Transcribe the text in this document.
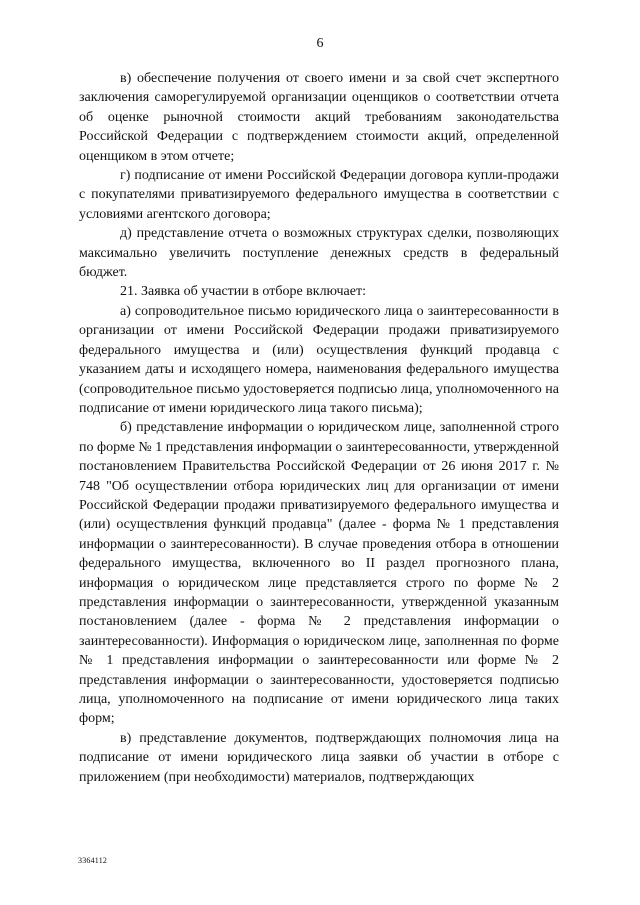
6

в) обеспечение получения от своего имени и за свой счет экспертного заключения саморегулируемой организации оценщиков о соответствии отчета об оценке рыночной стоимости акций требованиям законодательства Российской Федерации с подтверждением стоимости акций, определенной оценщиком в этом отчете;

г) подписание от имени Российской Федерации договора купли-продажи с покупателями приватизируемого федерального имущества в соответствии с условиями агентского договора;

д) представление отчета о возможных структурах сделки, позволяющих максимально увеличить поступление денежных средств в федеральный бюджет.

21. Заявка об участии в отборе включает:

а) сопроводительное письмо юридического лица о заинтересованности в организации от имени Российской Федерации продажи приватизируемого федерального имущества и (или) осуществления функций продавца с указанием даты и исходящего номера, наименования федерального имущества (сопроводительное письмо удостоверяется подписью лица, уполномоченного на подписание от имени юридического лица такого письма);

б) представление информации о юридическом лице, заполненной строго по форме № 1 представления информации о заинтересованности, утвержденной постановлением Правительства Российской Федерации от 26 июня 2017 г. № 748 "Об осуществлении отбора юридических лиц для организации от имени Российской Федерации продажи приватизируемого федерального имущества и (или) осуществления функций продавца" (далее - форма № 1 представления информации о заинтересованности). В случае проведения отбора в отношении федерального имущества, включенного во II раздел прогнозного плана, информация о юридическом лице представляется строго по форме № 2 представления информации о заинтересованности, утвержденной указанным постановлением (далее - форма № 2 представления информации о заинтересованности). Информация о юридическом лице, заполненная по форме № 1 представления информации о заинтересованности или форме № 2 представления информации о заинтересованности, удостоверяется подписью лица, уполномоченного на подписание от имени юридического лица таких форм;

в) представление документов, подтверждающих полномочия лица на подписание от имени юридического лица заявки об участии в отборе с приложением (при необходимости) материалов, подтверждающих

3364112
